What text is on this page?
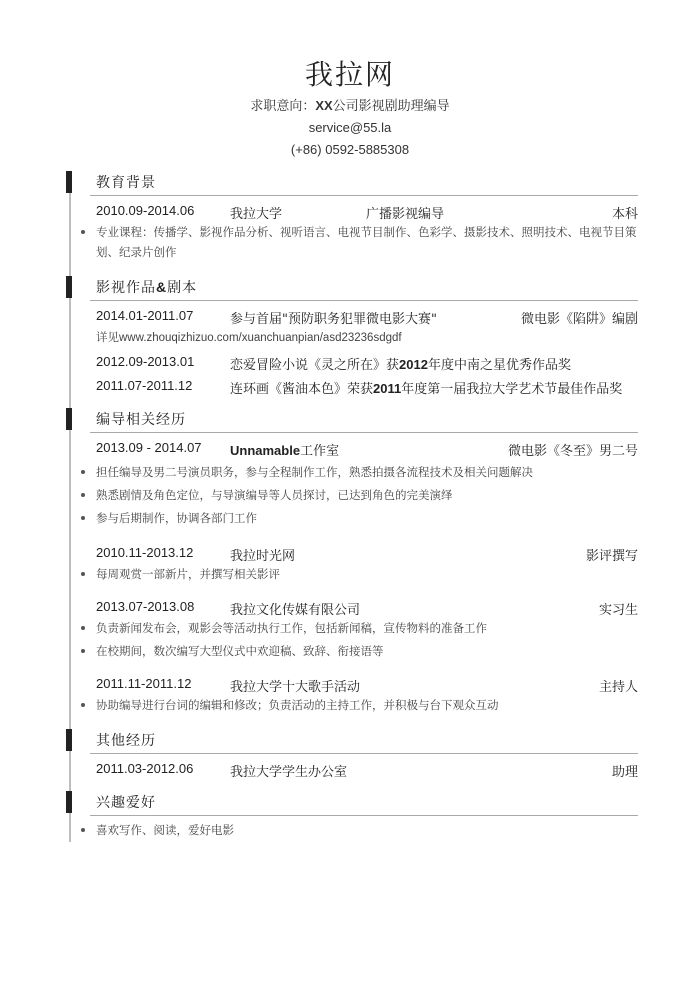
我拉网
求职意向：XX公司影视剧助理编导
service@55.la
(+86) 0592-5885308
教育背景
2010.09-2014.06	我拉大学	广播影视编导	本科
专业课程：传播学、影视作品分析、视听语言、电视节目制作、色彩学、摄影技术、照明技术、电视节目策划、纪录片创作
影视作品&剧本
2014.01-2011.07	参与首届"预防职务犯罪微电影大赛"	微电影《陷阱》编剧
详见www.zhouqizhizuo.com/xuanchuanpian/asd23236sdgdf
2012.09-2013.01	恋爱冒险小说《灵之所在》获2012年度中南之星优秀作品奖
2011.07-2011.12	连环画《酱油本色》荣获2011年度第一届我拉大学艺术节最佳作品奖
编导相关经历
2013.09 - 2014.07 Unnamable工作室	微电影《冬至》男二号
担任编导及男二号演员职务，参与全程制作工作，熟悉拍摄各流程技术及相关问题解决
熟悉剧情及角色定位，与导演编导等人员探讨，已达到角色的完美演绎
参与后期制作，协调各部门工作
2010.11-2013.12	我拉时光网	影评撰写
每周观赏一部新片，并撰写相关影评
2013.07-2013.08	我拉文化传媒有限公司	实习生
负责新闻发布会，观影会等活动执行工作，包括新闻稿，宣传物料的准备工作
在校期间，数次编写大型仪式中欢迎稿、致辞、衔接语等
2011.11-2011.12	我拉大学十大歌手活动	主持人
协助编导进行台词的编辑和修改；负责活动的主持工作，并积极与台下观众互动
其他经历
2011.03-2012.06	我拉大学学生办公室	助理
兴趣爱好
喜欢写作、阅读，爱好电影
